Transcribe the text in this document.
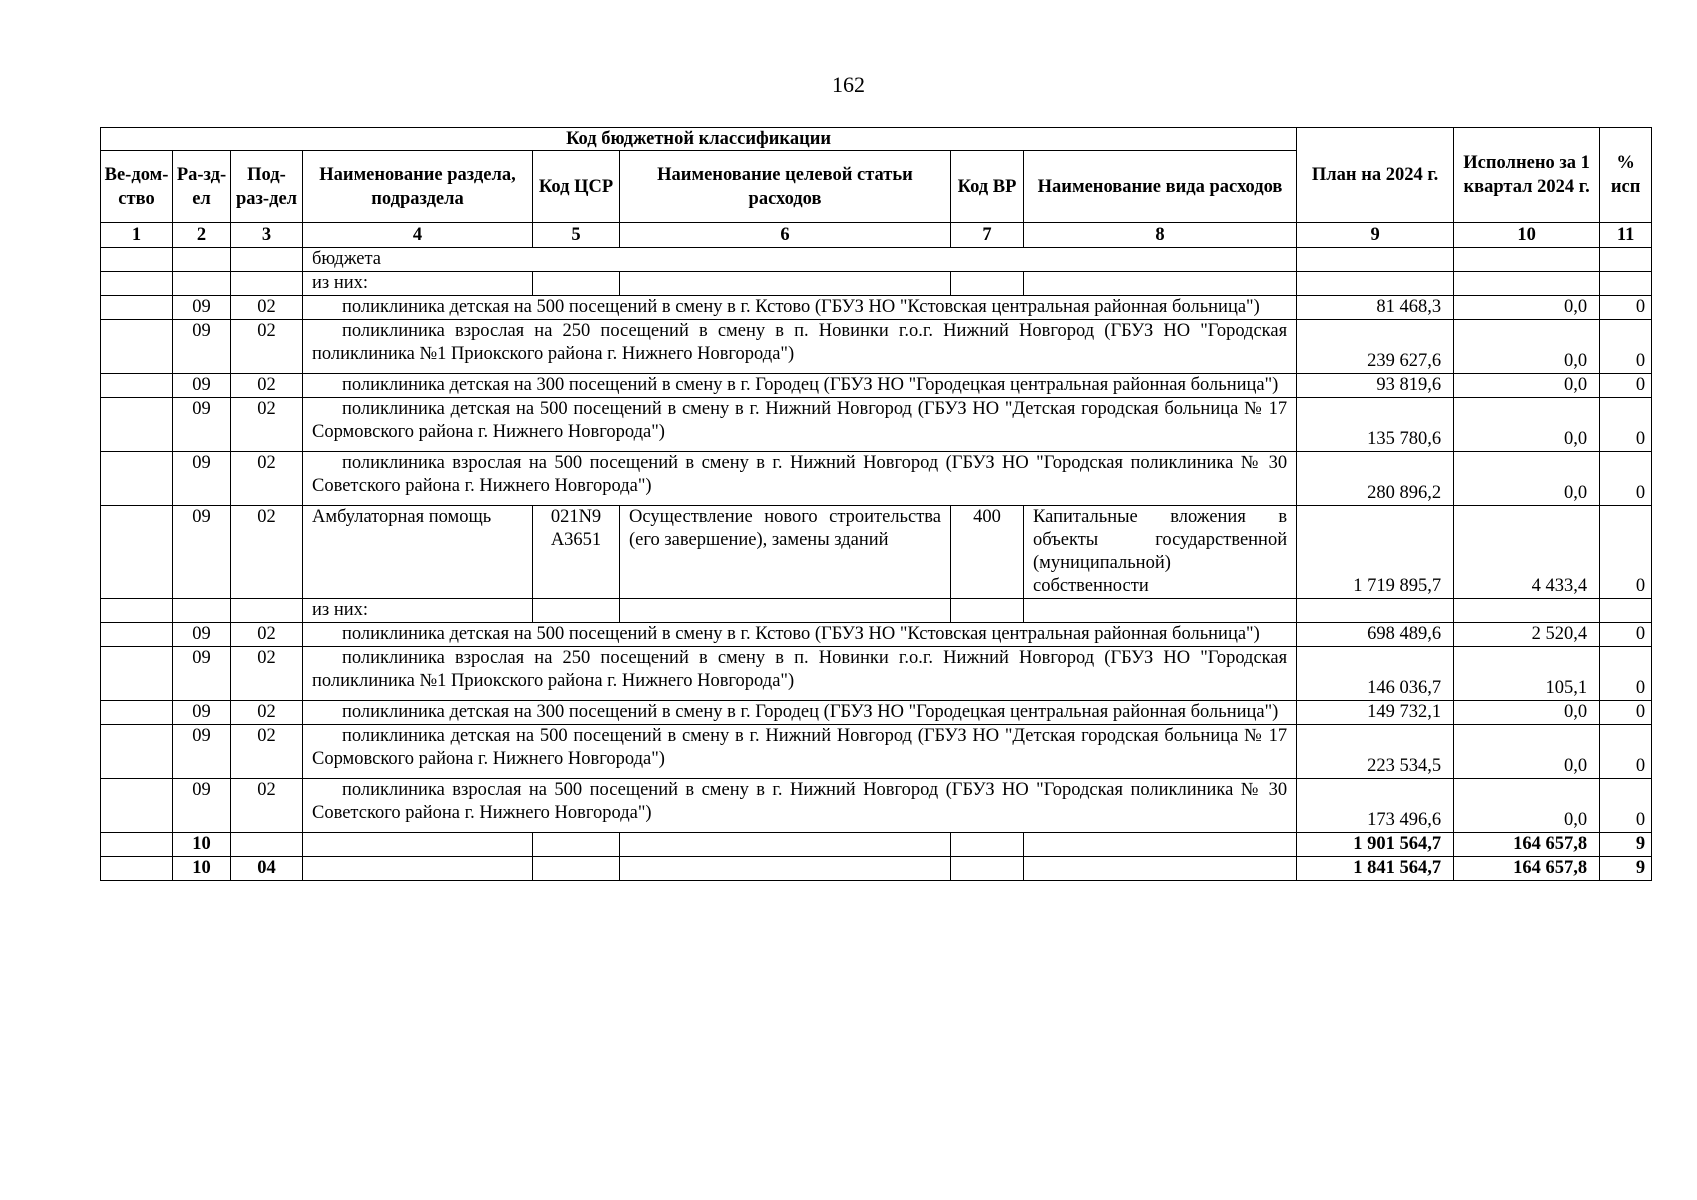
162
Код бюджетной классификации								План на 2024 г.	Исполнено за 1 квартал 2024 г.	% исп
Ве-дом-ство	Ра-зд-ел	Под-раз-дел	Наименование раздела, подраздела	Код ЦСР	Наименование целевой статьи расходов	Код ВР	Наименование вида расходов			
1	2	3	4	5	6	7	8	9	10	11
			бюджета							
			из них:							
	09	02	поликлиника детская на 500 посещений в смену в г. Кстово (ГБУЗ НО "Кстовская центральная районная больница")					81 468,3	0,0	0
	09	02	поликлиника взрослая на 250 посещений в смену в п. Новинки г.о.г. Нижний Новгород (ГБУЗ НО "Городская поликлиника №1 Приокского района г. Нижнего Новгорода")					239 627,6	0,0	0
	09	02	поликлиника детская на 300 посещений в смену в г. Городец (ГБУЗ НО "Городецкая центральная районная больница")					93 819,6	0,0	0
	09	02	поликлиника детская на 500 посещений в смену в г. Нижний Новгород (ГБУЗ НО "Детская городская больница № 17 Сормовского района г. Нижнего Новгорода")					135 780,6	0,0	0
	09	02	поликлиника взрослая на 500 посещений в смену в г. Нижний Новгород (ГБУЗ НО "Городская поликлиника № 30 Советского района г. Нижнего Новгорода")					280 896,2	0,0	0
	09	02	Амбулаторная помощь	021N9 А3651	Осуществление нового строительства (его завершение), замены зданий	400	Капитальные вложения в объекты государственной (муниципальной) собственности	1 719 895,7	4 433,4	0
			из них:							
	09	02	поликлиника детская на 500 посещений в смену в г. Кстово (ГБУЗ НО "Кстовская центральная районная больница")					698 489,6	2 520,4	0
	09	02	поликлиника взрослая на 250 посещений в смену в п. Новинки г.о.г. Нижний Новгород (ГБУЗ НО "Городская поликлиника №1 Приокского района г. Нижнего Новгорода")					146 036,7	105,1	0
	09	02	поликлиника детская на 300 посещений в смену в г. Городец (ГБУЗ НО "Городецкая центральная районная больница")					149 732,1	0,0	0
	09	02	поликлиника детская на 500 посещений в смену в г. Нижний Новгород (ГБУЗ НО "Детская городская больница № 17 Сормовского района г. Нижнего Новгорода")					223 534,5	0,0	0
	09	02	поликлиника взрослая на 500 посещений в смену в г. Нижний Новгород (ГБУЗ НО "Городская поликлиника № 30 Советского района г. Нижнего Новгорода")					173 496,6	0,0	0
	10							1 901 564,7	164 657,8	9
	10	04						1 841 564,7	164 657,8	9
